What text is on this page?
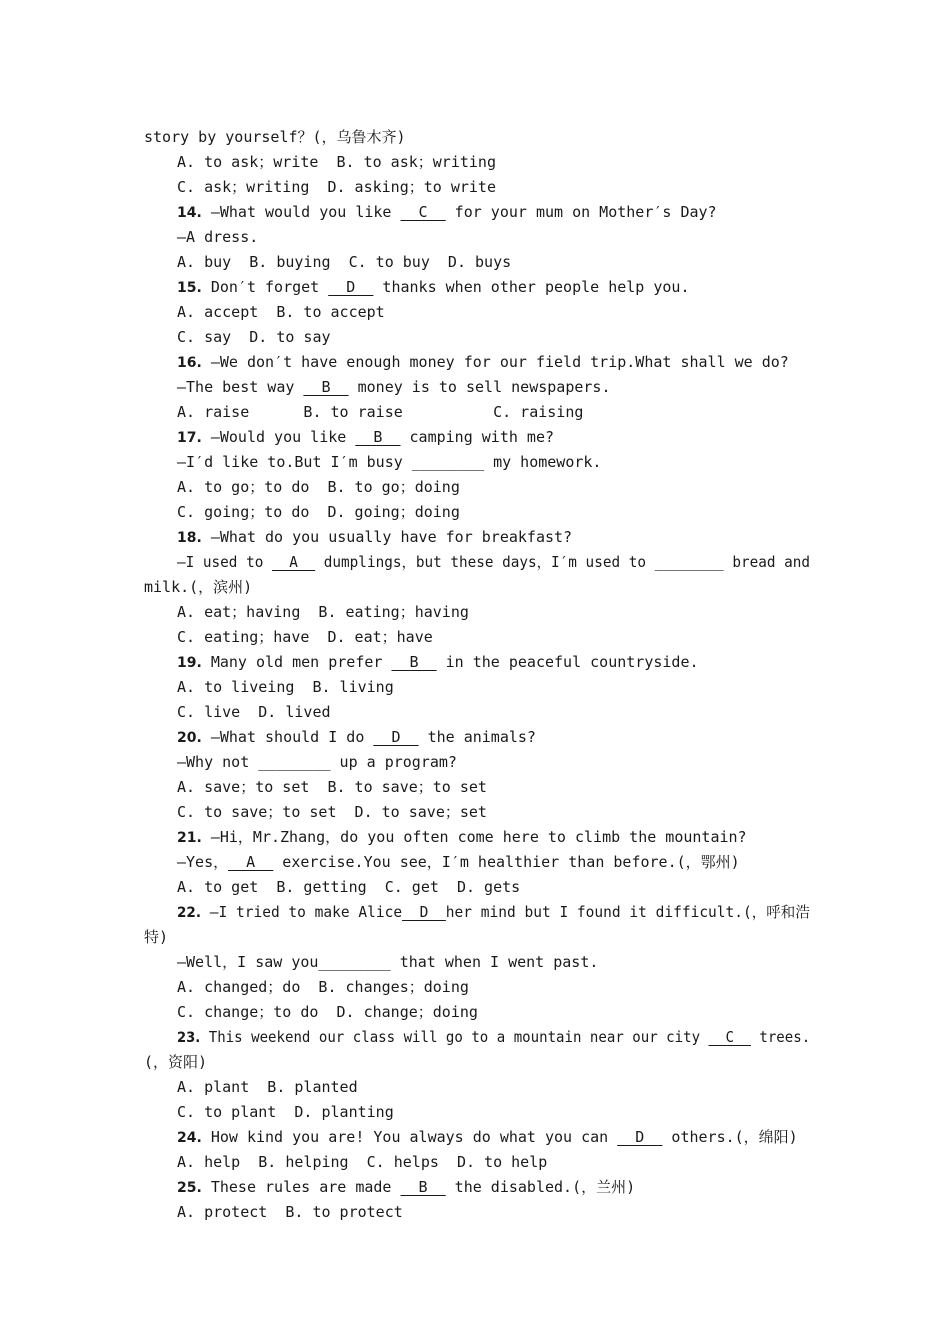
story by yourself？(，乌鲁木齐)
A. to ask；write  B. to ask；writing
C. ask；writing  D. asking；to write
14. —What would you like __C__ for your mum on Mother′s Day?
—A dress.
A. buy  B. buying  C. to buy  D. buys
15. Don′t forget __D__ thanks when other people help you.
A. accept  B. to accept
C. say  D. to say
16. —We don′t have enough money for our field trip.What shall we do?
—The best way __B__ money is to sell newspapers.
A. raise      B. to raise          C. raising
17. —Would you like __B__ camping with me?
—I′d like to.But I′m busy ________ my homework.
A. to go；to do  B. to go；doing
C. going；to do  D. going；doing
18. —What do you usually have for breakfast?
—I used to __A__ dumplings，but these days，I′m used to ________ bread and
milk.(，滨州)
A. eat；having  B. eating；having
C. eating；have  D. eat；have
19. Many old men prefer __B__ in the peaceful countryside.
A. to liveing  B. living
C. live  D. lived
20. —What should I do __D__ the animals?
—Why not ________ up a program?
A. save；to set  B. to save；to set
C. to save；to set  D. to save；set
21. —Hi，Mr.Zhang，do you often come here to climb the mountain?
—Yes，__A__ exercise.You see，I′m healthier than before.(，鄂州)
A. to get  B. getting  C. get  D. gets
22. —I tried to make Alice__D__her mind but I found it difficult.(，呼和浩
特)
—Well，I saw you________ that when I went past.
A. changed；do  B. changes；doing
C. change；to do  D. change；doing
23. This weekend our class will go to a mountain near our city __C__ trees.
(，资阳)
A. plant  B. planted
C. to plant  D. planting
24. How kind you are! You always do what you can __D__ others.(，绵阳)
A. help  B. helping  C. helps  D. to help
25. These rules are made __B__ the disabled.(，兰州)
A. protect  B. to protect
